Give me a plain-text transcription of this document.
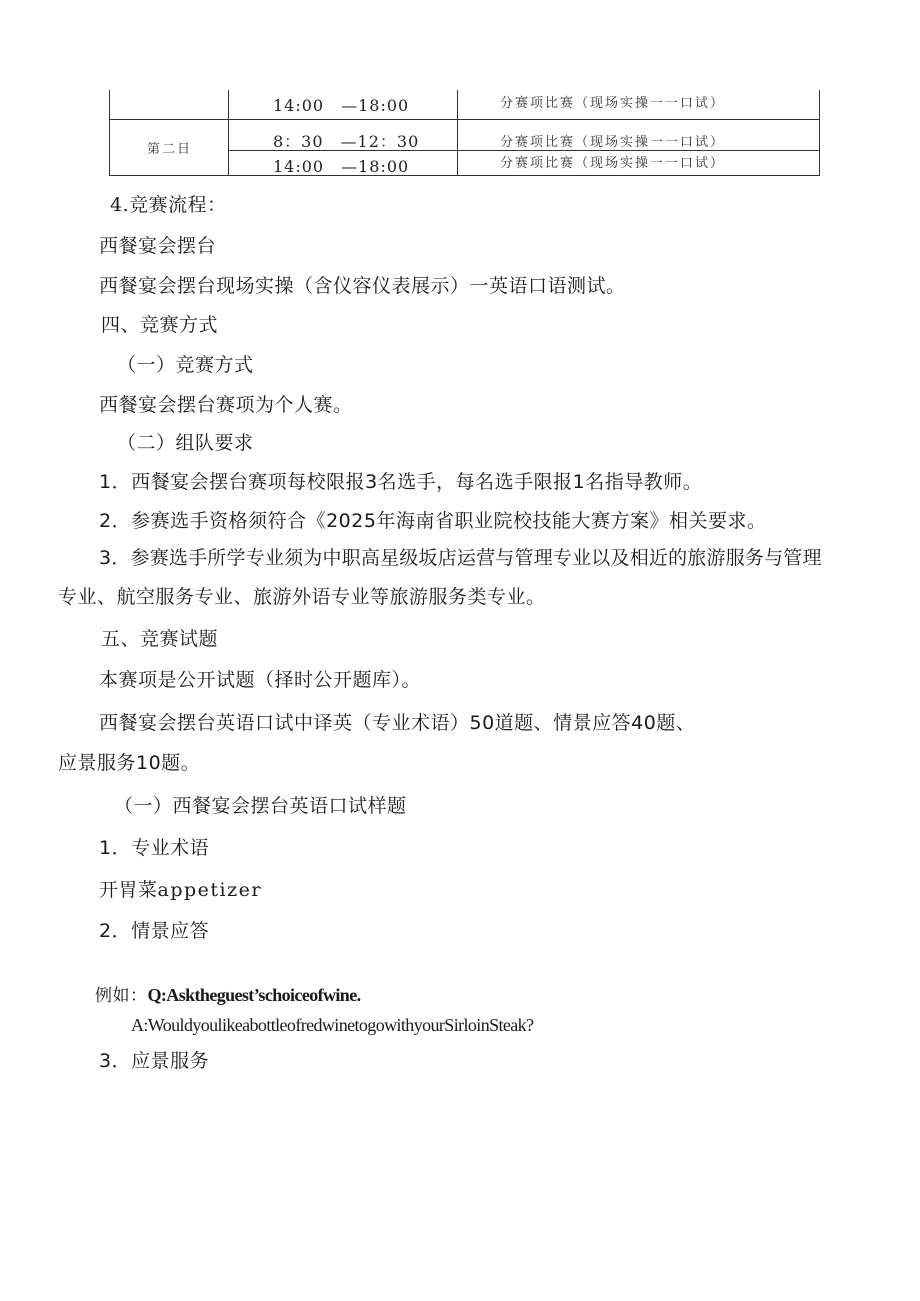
14:00　—18:00	分赛项比赛（现场实操一一口试）
第二日	8：30　—12：30	分赛项比赛（现场实操一一口试）
14:00　—18:00	分赛项比赛（现场实操一一口试）
4.竞赛流程：
西餐宴会摆台
西餐宴会摆台现场实操（含仪容仪表展示）一英语口语测试。
四、竞赛方式
（一）竞赛方式
西餐宴会摆台赛项为个人赛。
（二）组队要求
1．西餐宴会摆台赛项每校限报3名选手，每名选手限报1名指导教师。
2．参赛选手资格须符合《2025年海南省职业院校技能大赛方案》相关要求。
3．参赛选手所学专业须为中职高星级坂店运营与管理专业以及相近的旅游服务与管理
专业、航空服务专业、旅游外语专业等旅游服务类专业。
五、竞赛试题
本赛项是公开试题（择时公开题库）。
西餐宴会摆台英语口试中译英（专业术语）50道题、情景应答40题、
应景服务10题。
（一）西餐宴会摆台英语口试样题
1．专业术语
开胃菜appetizer
2．情景应答
例如：Q:Asktheguest’schoiceofwine.
A:WouldyoulikeabottleofredwinetogowithyourSirloinSteak?
3．应景服务
